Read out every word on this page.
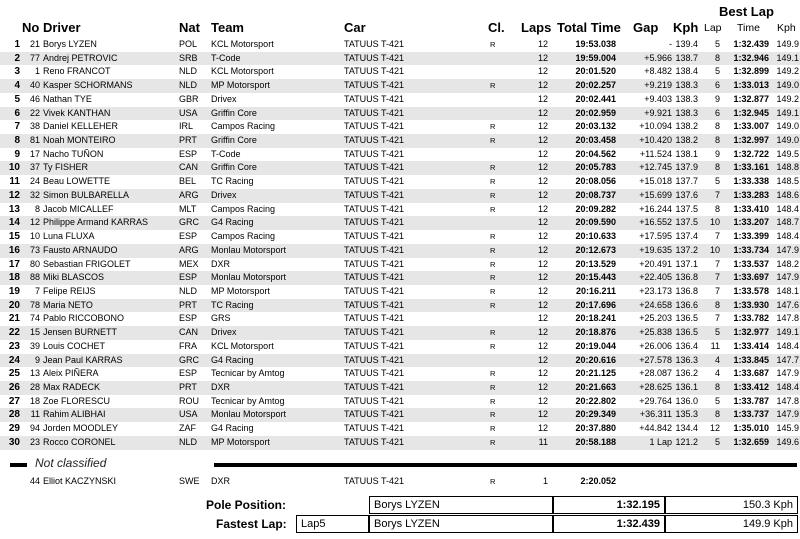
Best Lap
No Driver	Nat Team	Car	Cl. Laps Total Time Gap Kph Lap Time Kph
1	21 Borys LYZEN	POL KCL Motorsport	TATUUS T-421	R	12	19:53.038	- 139.4	5	1:32.439 149.9
2	77 Andrej PETROVIC	SRB T-Code	TATUUS T-421	12	19:59.004	+5.966 138.7	8	1:32.946 149.1
3	1 Reno FRANCOT	NLD KCL Motorsport	TATUUS T-421	12	20:01.520	+8.482 138.4	5	1:32.899 149.2
4	40 Kasper SCHORMANS	NLD MP Motorsport	TATUUS T-421	R	12	20:02.257	+9.219 138.3	6	1:33.013 149.0
5	46 Nathan TYE	GBR Drivex	TATUUS T-421	12	20:02.441	+9.403 138.3	9	1:32.877 149.2
6	22 Vivek KANTHAN	USA Griffin Core	TATUUS T-421	12	20:02.959	+9.921 138.3	6	1:32.945 149.1
7	38 Daniel KELLEHER	IRL Campos Racing	TATUUS T-421	R	12	20:03.132	+10.094 138.2	8	1:33.007 149.0
8	81 Noah MONTEIRO	PRT Griffin Core	TATUUS T-421	R	12	20:03.458	+10.420 138.2	8	1:32.997 149.0
9	17 Nacho TUÑON	ESP T-Code	TATUUS T-421	12	20:04.562	+11.524 138.1	9	1:32.722 149.5
10	37 Ty FISHER	CAN Griffin Core	TATUUS T-421	R	12	20:05.783	+12.745 137.9	8	1:33.161 148.8
11	24 Beau LOWETTE	BEL TC Racing	TATUUS T-421	R	12	20:08.056	+15.018 137.7	5	1:33.338 148.5
12	32 Simon BULBARELLA	ARG Drivex	TATUUS T-421	R	12	20:08.737	+15.699 137.6	7	1:33.283 148.6
13	8 Jacob MICALLEF	MLT Campos Racing	TATUUS T-421	R	12	20:09.282	+16.244 137.5	8	1:33.410 148.4
14	12 Philippe Armand KARRAS	GRC G4 Racing	TATUUS T-421	12	20:09.590	+16.552 137.5	10	1:33.207 148.7
15	10 Luna FLUXA	ESP Campos Racing	TATUUS T-421	R	12	20:10.633	+17.595 137.4	7	1:33.399 148.4
16	73 Fausto ARNAUDO	ARG Monlau Motorsport	TATUUS T-421	R	12	20:12.673	+19.635 137.2	10	1:33.734 147.9
17	80 Sebastian FRIGOLET	MEX DXR	TATUUS T-421	R	12	20:13.529	+20.491 137.1	7	1:33.537 148.2
18	88 Miki BLASCOS	ESP Monlau Motorsport	TATUUS T-421	R	12	20:15.443	+22.405 136.8	7	1:33.697 147.9
19	7 Felipe REIJS	NLD MP Motorsport	TATUUS T-421	R	12	20:16.211	+23.173 136.8	7	1:33.578 148.1
20	78 Maria NETO	PRT TC Racing	TATUUS T-421	R	12	20:17.696	+24.658 136.6	8	1:33.930 147.6
21	74 Pablo RICCOBONO	ESP GRS	TATUUS T-421	12	20:18.241	+25.203 136.5	7	1:33.782 147.8
22	15 Jensen BURNETT	CAN Drivex	TATUUS T-421	R	12	20:18.876	+25.838 136.5	5	1:32.977 149.1
23	39 Louis COCHET	FRA KCL Motorsport	TATUUS T-421	R	12	20:19.044	+26.006 136.4	11	1:33.414 148.4
24	9 Jean Paul KARRAS	GRC G4 Racing	TATUUS T-421	12	20:20.616	+27.578 136.3	4	1:33.845 147.7
25	13 Aleix PIÑERA	ESP Tecnicar by Amtog	TATUUS T-421	R	12	20:21.125	+28.087 136.2	4	1:33.687 147.9
26	28 Max RADECK	PRT DXR	TATUUS T-421	R	12	20:21.663	+28.625 136.1	8	1:33.412 148.4
27	18 Zoe FLORESCU	ROU Tecnicar by Amtog	TATUUS T-421	R	12	20:22.802	+29.764 136.0	5	1:33.787 147.8
28	11 Rahim ALIBHAI	USA Monlau Motorsport	TATUUS T-421	R	12	20:29.349	+36.311 135.3	8	1:33.737 147.9
29	94 Jorden MOODLEY	ZAF G4 Racing	TATUUS T-421	R	12	20:37.880	+44.842 134.4	12	1:35.010 145.9
30	23 Rocco CORONEL	NLD MP Motorsport	TATUUS T-421	R	11	20:58.188	1 Lap 121.2	5	1:32.659 149.6
Not classified
44 Elliot KACZYNSKI	SWE DXR	TATUUS T-421	R	1	2:20.052
Pole Position:	Borys LYZEN	1:32.195	150.3 Kph
Fastest Lap:	Lap5	Borys LYZEN	1:32.439	149.9 Kph
